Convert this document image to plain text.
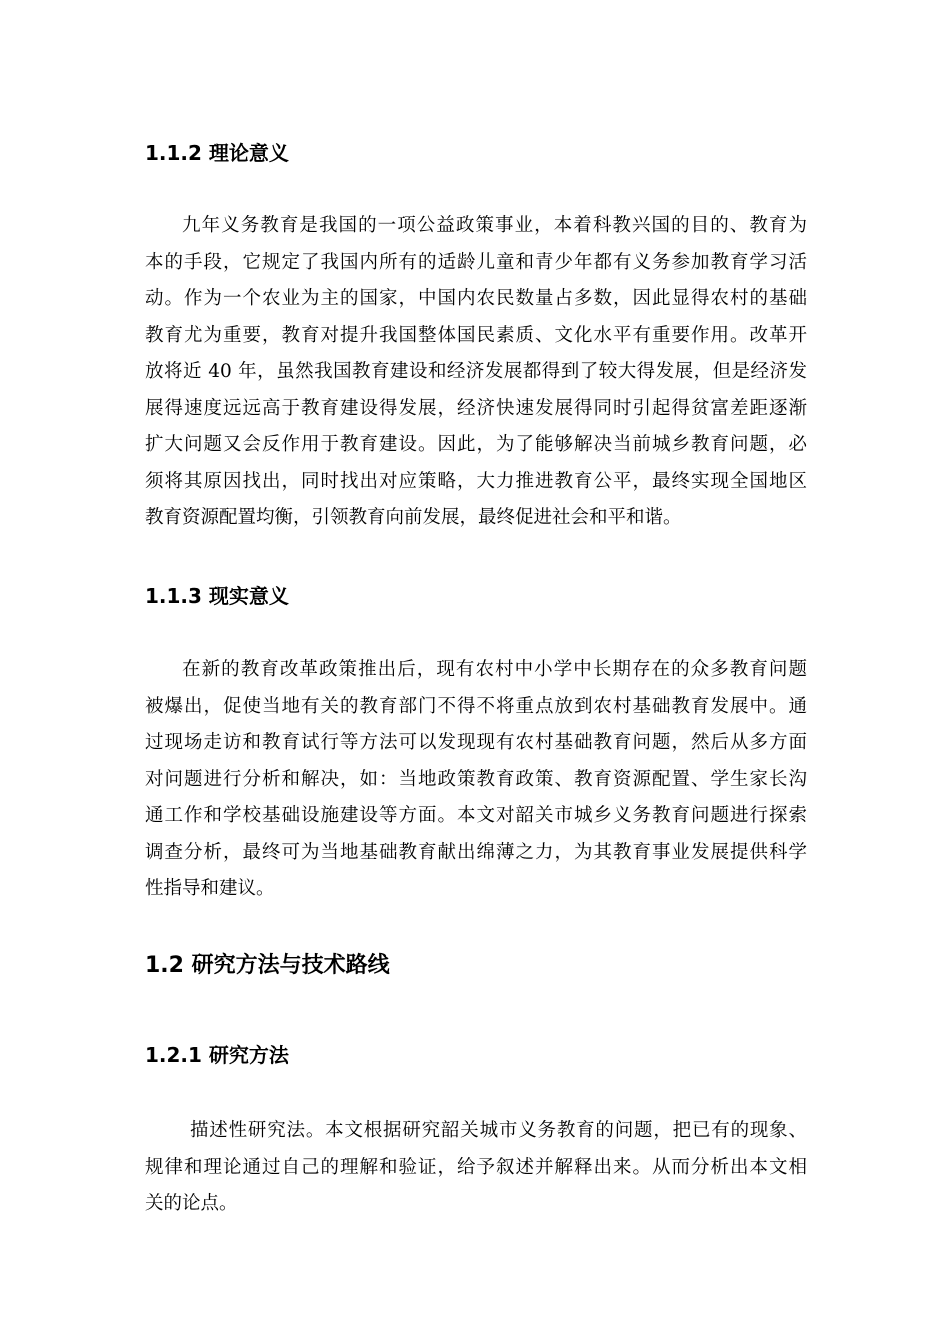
1.1.2 理论意义
九年义务教育是我国的一项公益政策事业，本着科教兴国的目的、教育为
本的手段，它规定了我国内所有的适龄儿童和青少年都有义务参加教育学习活
动。作为一个农业为主的国家，中国内农民数量占多数，因此显得农村的基础
教育尤为重要，教育对提升我国整体国民素质、文化水平有重要作用。改革开
放将近 40 年，虽然我国教育建设和经济发展都得到了较大得发展，但是经济发
展得速度远远高于教育建设得发展，经济快速发展得同时引起得贫富差距逐渐
扩大问题又会反作用于教育建设。因此，为了能够解决当前城乡教育问题，必
须将其原因找出，同时找出对应策略，大力推进教育公平，最终实现全国地区
教育资源配置均衡，引领教育向前发展，最终促进社会和平和谐。
1.1.3 现实意义
在新的教育改革政策推出后，现有农村中小学中长期存在的众多教育问题
被爆出，促使当地有关的教育部门不得不将重点放到农村基础教育发展中。通
过现场走访和教育试行等方法可以发现现有农村基础教育问题，然后从多方面
对问题进行分析和解决，如：当地政策教育政策、教育资源配置、学生家长沟
通工作和学校基础设施建设等方面。本文对韶关市城乡义务教育问题进行探索
调查分析，最终可为当地基础教育献出绵薄之力，为其教育事业发展提供科学
性指导和建议。
1.2 研究方法与技术路线
1.2.1 研究方法
描述性研究法。本文根据研究韶关城市义务教育的问题，把已有的现象、
规律和理论通过自己的理解和验证，给予叙述并解释出来。从而分析出本文相
关的论点。
